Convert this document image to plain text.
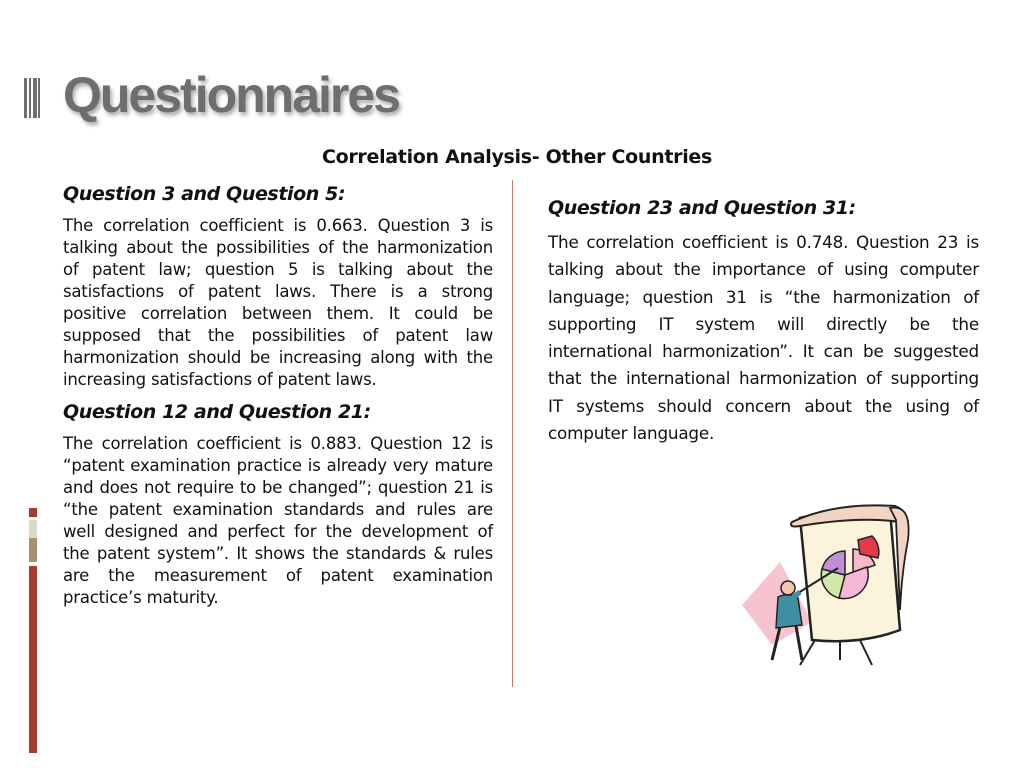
Questionnaires
Correlation Analysis- Other Countries

Question 3 and Question 5:

The correlation coefficient is 0.663. Question 3 is talking about the possibilities of the harmonization of patent law; question 5 is talking about the satisfactions of patent laws. There is a strong positive correlation between them. It could be supposed that the possibilities of patent law harmonization should be increasing along with the increasing satisfactions of patent laws.

Question 12 and Question 21:

The correlation coefficient is 0.883. Question 12 is “patent examination practice is already very mature and does not require to be changed”; question 21 is “the patent examination standards and rules are well designed and perfect for the development of the patent system”. It shows the standards & rules are the measurement of patent examination practice’s maturity.

Question 23 and Question 31:

The correlation coefficient is 0.748. Question 23 is talking about the importance of using computer language; question 31 is “the harmonization of supporting IT system will directly be the international harmonization”. It can be suggested that the international harmonization of supporting IT systems should concern about the using of computer language.
